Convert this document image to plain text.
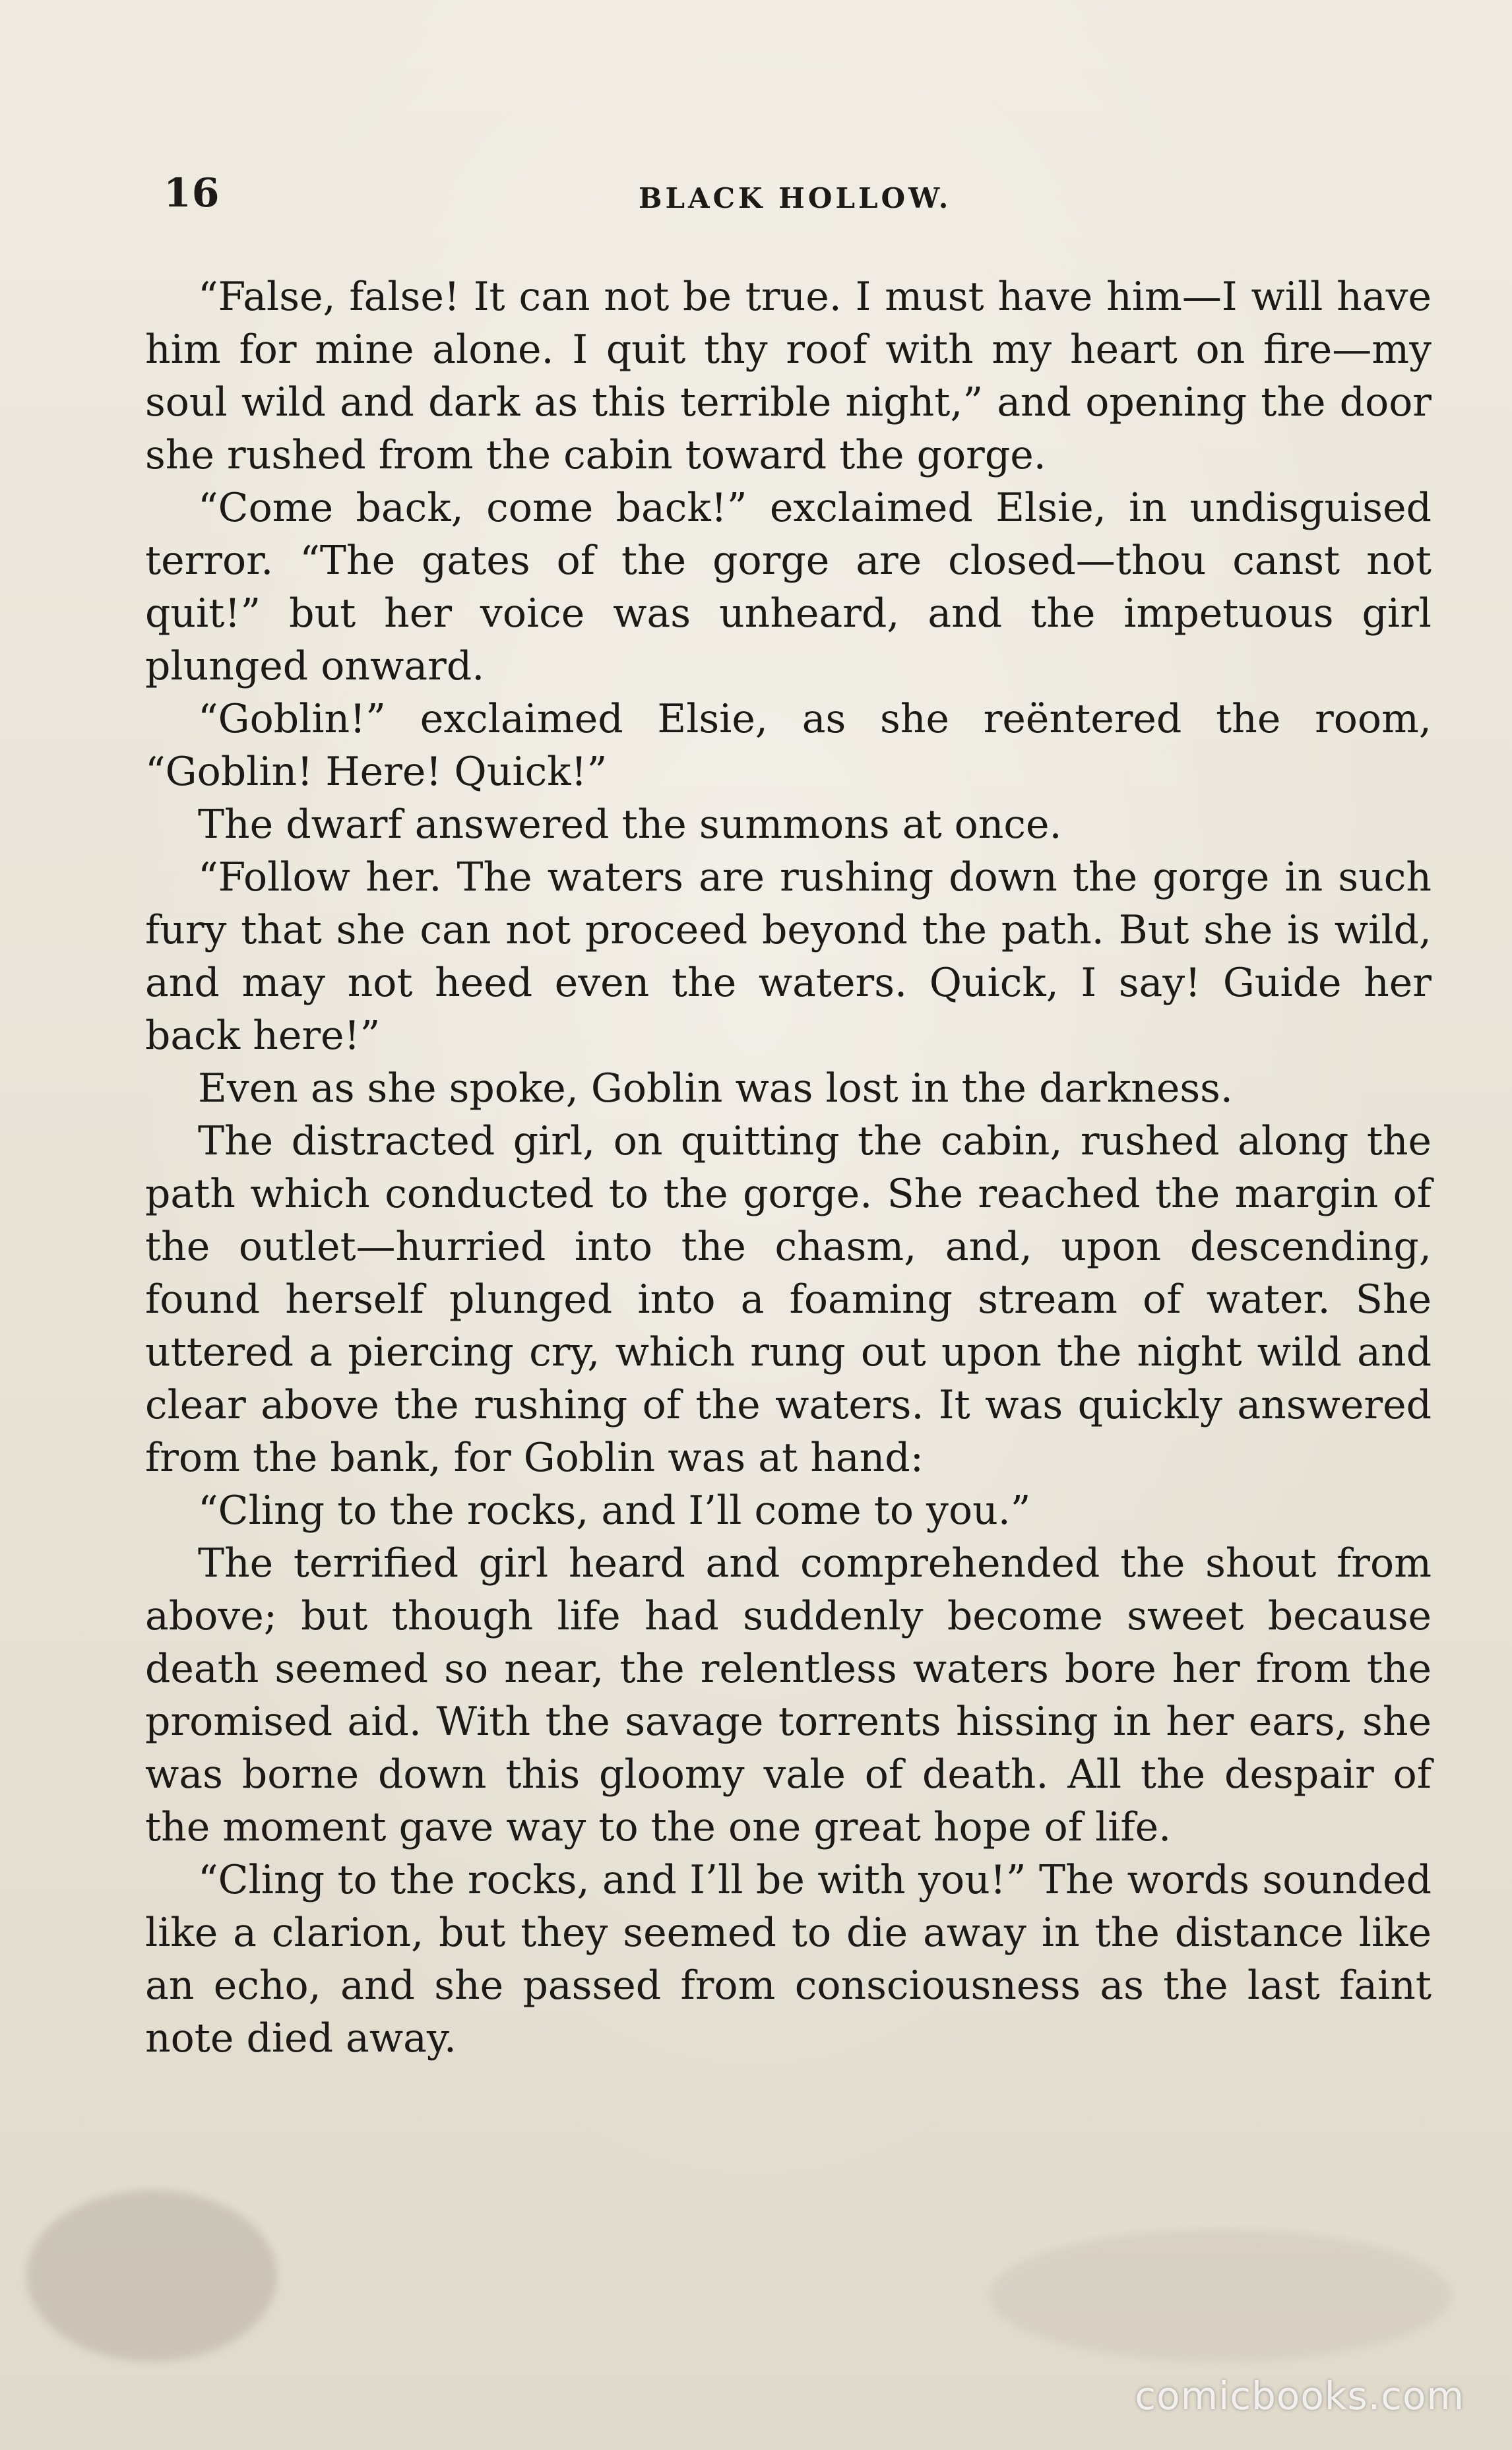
16	BLACK HOLLOW.

“False, false! It can not be true. I must have him—I will have him for mine alone. I quit thy roof with my heart on fire—my soul wild and dark as this terrible night,” and opening the door she rushed from the cabin toward the gorge.

“Come back, come back!” exclaimed Elsie, in undisguised terror. “The gates of the gorge are closed—thou canst not quit!” but her voice was unheard, and the impetuous girl plunged onward.

“Goblin!” exclaimed Elsie, as she reëntered the room, “Goblin! Here! Quick!”

The dwarf answered the summons at once.

“Follow her. The waters are rushing down the gorge in such fury that she can not proceed beyond the path. But she is wild, and may not heed even the waters. Quick, I say! Guide her back here!”

Even as she spoke, Goblin was lost in the darkness.

The distracted girl, on quitting the cabin, rushed along the path which conducted to the gorge. She reached the margin of the outlet—hurried into the chasm, and, upon descending, found herself plunged into a foaming stream of water. She uttered a piercing cry, which rung out upon the night wild and clear above the rushing of the waters. It was quickly answered from the bank, for Goblin was at hand:

“Cling to the rocks, and I’ll come to you.”

The terrified girl heard and comprehended the shout from above; but though life had suddenly become sweet because death seemed so near, the relentless waters bore her from the promised aid. With the savage torrents hissing in her ears, she was borne down this gloomy vale of death. All the despair of the moment gave way to the one great hope of life.

“Cling to the rocks, and I’ll be with you!” The words sounded like a clarion, but they seemed to die away in the distance like an echo, and she passed from consciousness as the last faint note died away.

comicbooks.com
